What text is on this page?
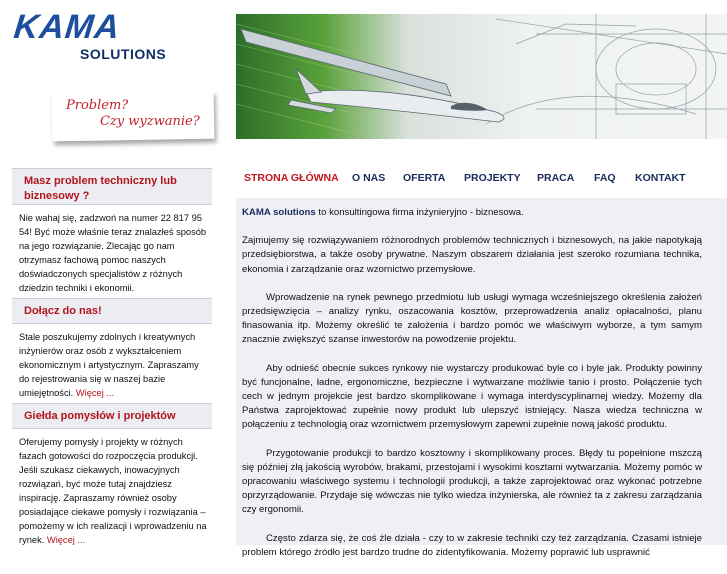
KAMA
SOLUTIONS
Problem?
Czy wyzwanie?
Masz problem techniczny lub biznesowy ?
Nie wahaj się, zadzwoń na numer 22 817 95 54! Być może właśnie teraz znalazłeś sposób na jego rozwiązanie. Zlecając go nam otrzymasz fachową pomoc naszych doświadczonych specjalistów z różnych dziedzin techniki i ekonomii.
Dołącz do nas!
Stale poszukujemy zdolnych i kreatywnych inżynierów oraz osób z wykształceniem ekonomicznym i artystycznym. Zapraszamy do rejestrowania się w naszej bazie umiejętności. Więcej ...
Giełda pomysłów i projektów
Oferujemy pomysły i projekty w różnych fazach gotowości do rozpoczęcia produkcji. Jeśli szukasz ciekawych, inowacyjnych rozwiązań, być może tutaj znajdziesz inspirację. Zapraszamy również osoby posiadające ciekawe pomysły i rozwiązania – pomożemy w ich realizacji i wprowadzeniu na rynek. Więcej ...
STRONA GŁÓWNA O NAS OFERTA PROJEKTY PRACA FAQ KONTAKT

KAMA solutions to konsultingowa firma inżynieryjno - biznesowa.

Zajmujemy się rozwiązywaniem różnorodnych problemów technicznych i biznesowych, na jakie napotykają przedsiębiorstwa, a także osoby prywatne. Naszym obszarem działania jest szeroko rozumiana technika, ekonomia i zarządzanie oraz wzornictwo przemysłowe.

Wprowadzenie na rynek pewnego przedmiotu lub usługi wymaga wcześniejszego określenia założeń przedsięwzięcia – analizy rynku, oszacowania kosztów, przeprowadzenia analiz opłacalności, planu finasowania itp. Możemy określić te założenia i bardzo pomóc we właściwym wyborze, a tym samym znacznie zwiększyć szanse inwestorów na powodzenie projektu.

Aby odnieść obecnie sukces rynkowy nie wystarczy produkować byle co i byle jak. Produkty powinny być funcjonalne, ładne, ergonomiczne, bezpieczne i wytwarzane możliwie tanio i prosto. Połączenie tych cech w jednym projekcie jest bardzo skomplikowane i wymaga interdyscyplinarnej wiedzy. Możemy dla Państwa zaprojektować zupełnie nowy produkt lub ulepszyć istniejący. Nasza wiedza techniczna w połączeniu z technologią oraz wzornictwem przemysłowym zapewni zupełnie nową jakość produktu.

Przygotowanie produkcji to bardzo kosztowny i skomplikowany proces. Błędy tu popełnione mszczą się później złą jakością wyrobów, brakami, przestojami i wysokimi kosztami wytwarzania. Możemy pomóc w opracowaniu właściwego systemu i technologii produkcji, a także zaprojektować oraz wykonać potrzebne oprzyrządowanie. Przydaje się wówczas nie tylko wiedza inżynierska, ale również ta z zakresu zarządzania czy ergonomii.

Często zdarza się, że coś źle działa - czy to w zakresie techniki czy też zarządzania. Czasami istnieje problem którego źródło jest bardzo trudne do zidentyfikowania. Możemy poprawić lub usprawnić
